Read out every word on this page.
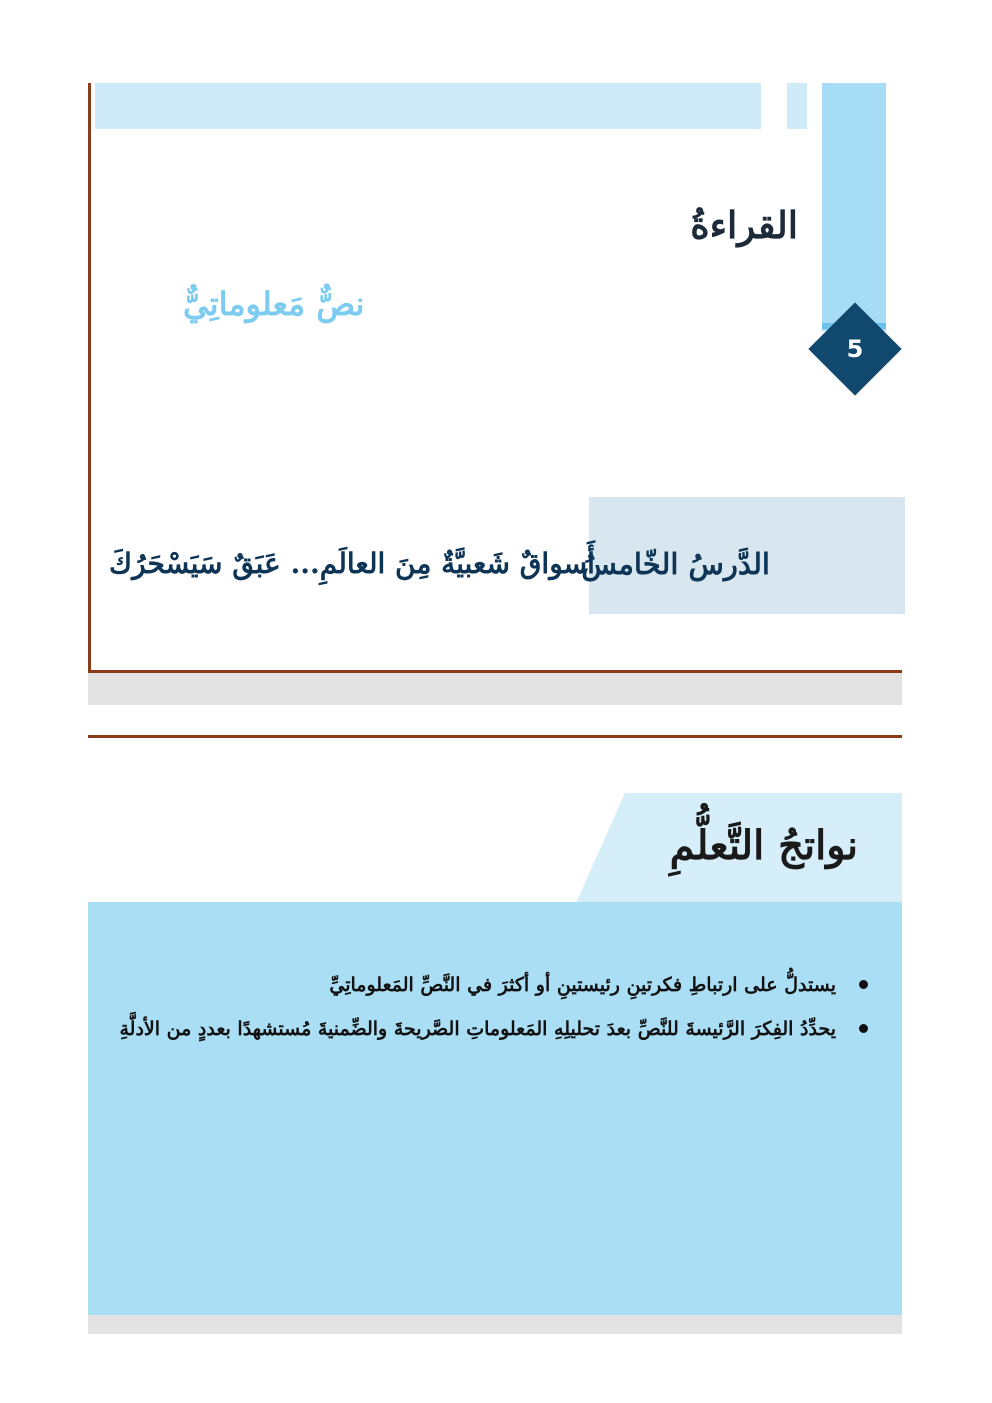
5
القراءةُ
نصٌّ مَعلوماتِيٌّ
الدَّرسُ الخّامسُ
أَسواقٌ شَعبيَّةٌ مِنَ العالَمِ... عَبَقٌ سَيَسْحَرُكَ
نواتجُ التَّعلُّمِ
يستدلُّ على ارتباطِ فكرتينِ رئيستينِ أو أكثرَ في النَّصِّ المَعلوماتِيِّ
يحدِّدُ الفِكرَ الرَّئيسةَ للنَّصِّ بعدَ تحليلِهِ المَعلوماتِ الصَّريحةَ والضِّمنيةَ مُستشهدًا بعددٍ من الأدلَّةِ
